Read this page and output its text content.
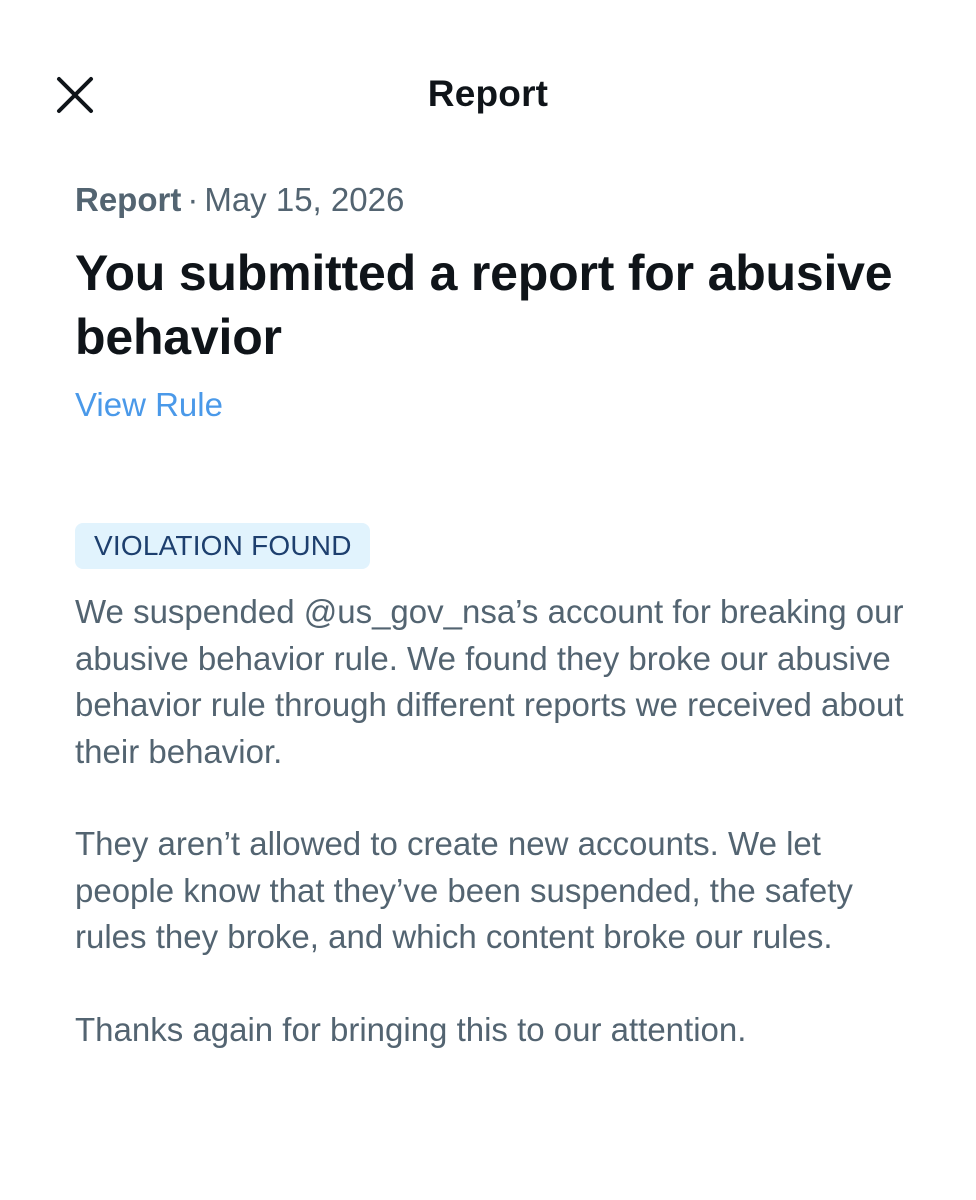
Report
Report · May 15, 2026
You submitted a report for abusive behavior
View Rule
VIOLATION FOUND
We suspended @us_gov_nsa’s account for breaking our abusive behavior rule. We found they broke our abusive behavior rule through different reports we received about their behavior.
They aren’t allowed to create new accounts. We let people know that they’ve been suspended, the safety rules they broke, and which content broke our rules.
Thanks again for bringing this to our attention.
